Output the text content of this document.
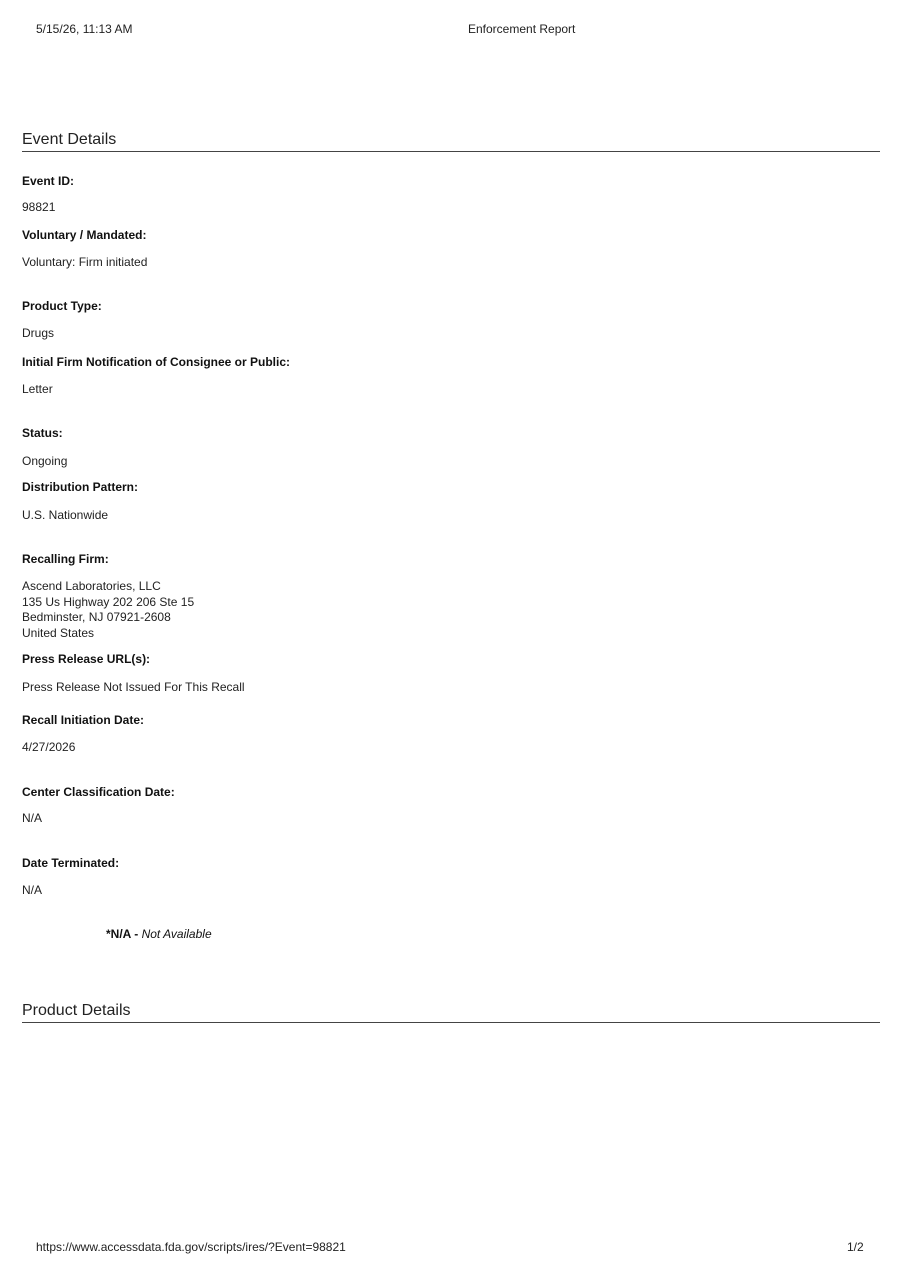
5/15/26, 11:13 AM	Enforcement Report
Event Details
Event ID:
98821
Voluntary / Mandated:
Voluntary: Firm initiated
Product Type:
Drugs
Initial Firm Notification of Consignee or Public:
Letter
Status:
Ongoing
Distribution Pattern:
U.S. Nationwide
Recalling Firm:
Ascend Laboratories, LLC
135 Us Highway 202 206 Ste 15
Bedminster, NJ 07921-2608
United States
Press Release URL(s):
Press Release Not Issued For This Recall
Recall Initiation Date:
4/27/2026
Center Classification Date:
N/A
Date Terminated:
N/A
*N/A - Not Available
Product Details
https://www.accessdata.fda.gov/scripts/ires/?Event=98821	1/2
